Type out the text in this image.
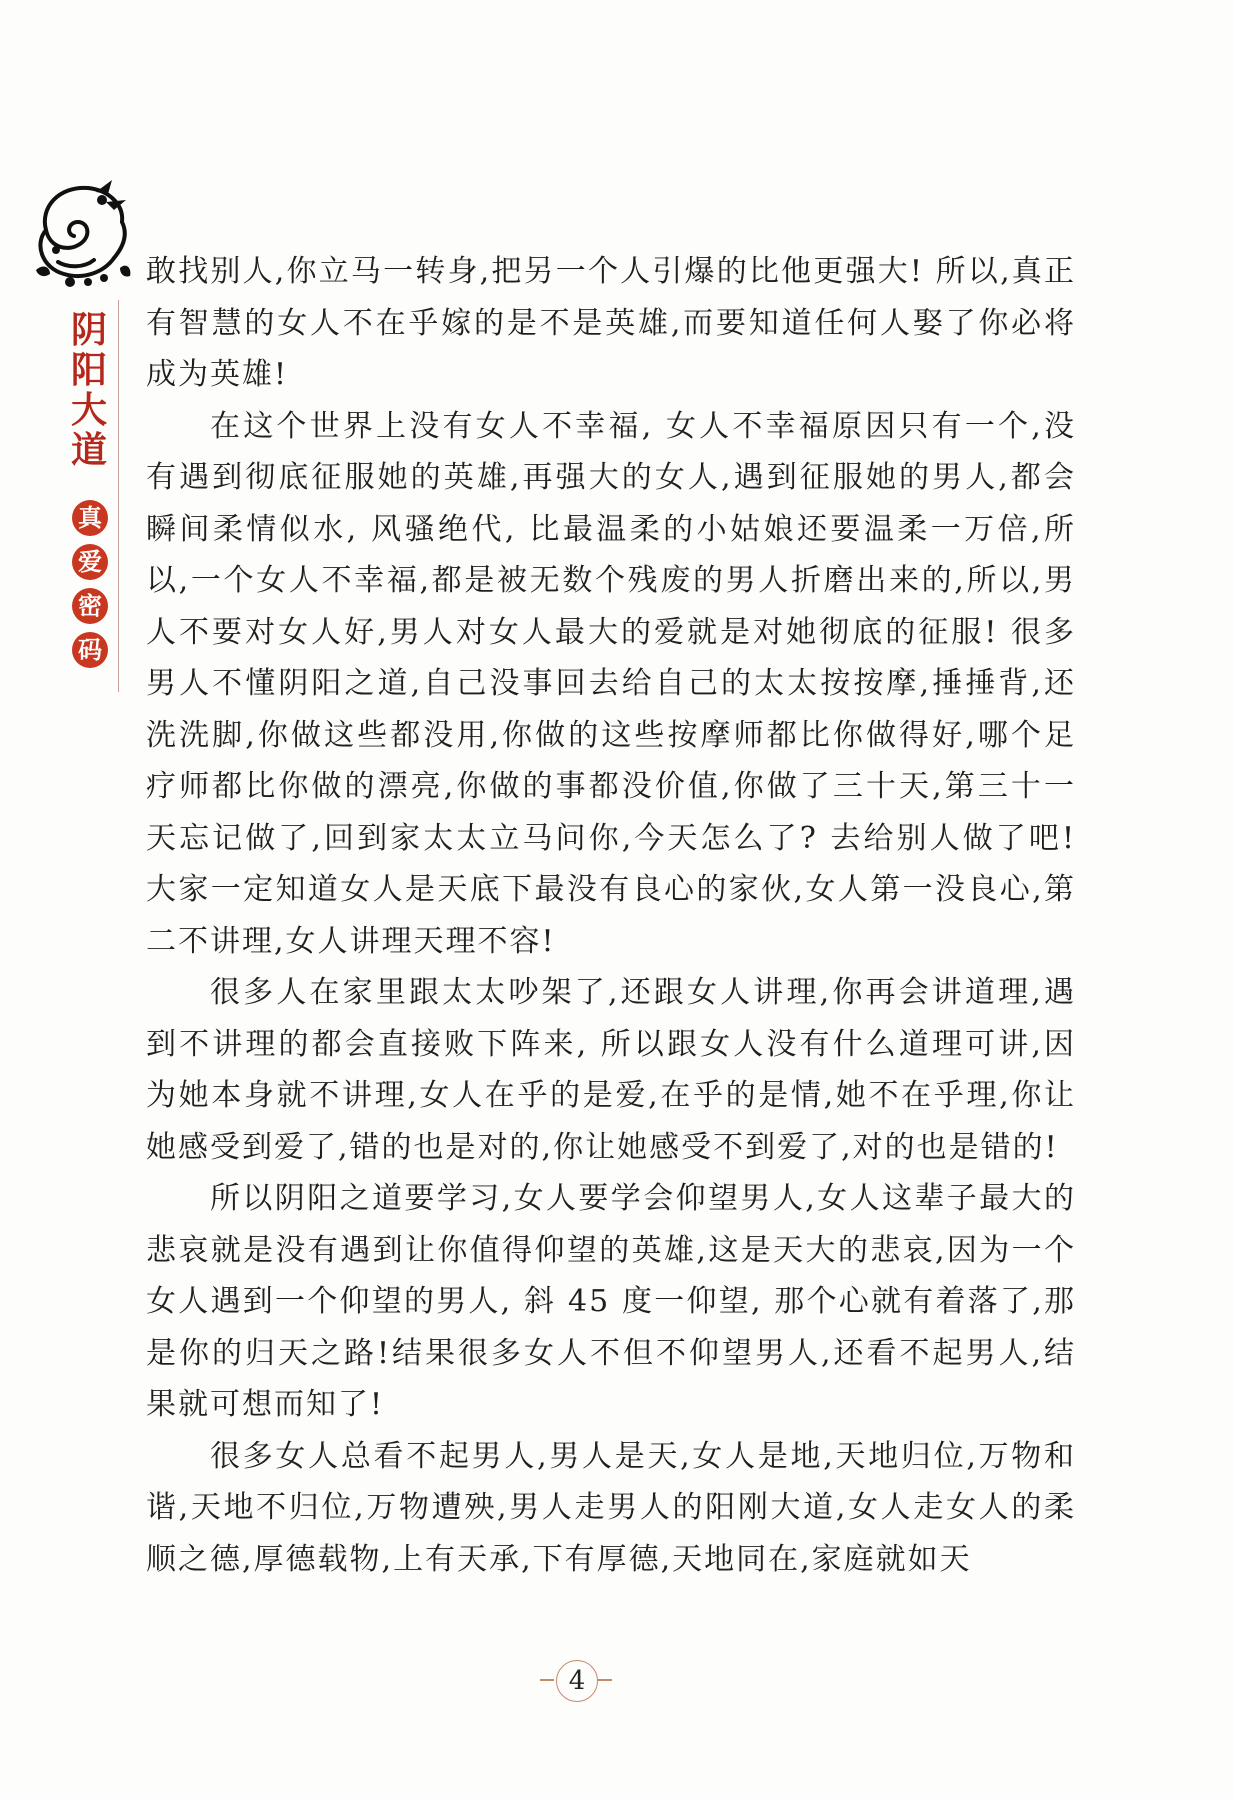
阴
阳
大
道
真
爱
密
码

敢找别人,你立马一转身,把另一个人引爆的比他更强大! 所以,真正有智慧的女人不在乎嫁的是不是英雄,而要知道任何人娶了你必将成为英雄!

在这个世界上没有女人不幸福, 女人不幸福原因只有一个,没有遇到彻底征服她的英雄,再强大的女人,遇到征服她的男人,都会瞬间柔情似水, 风骚绝代, 比最温柔的小姑娘还要温柔一万倍,所以,一个女人不幸福,都是被无数个残废的男人折磨出来的,所以,男人不要对女人好,男人对女人最大的爱就是对她彻底的征服! 很多男人不懂阴阳之道,自己没事回去给自己的太太按按摩,捶捶背,还洗洗脚,你做这些都没用,你做的这些按摩师都比你做得好,哪个足疗师都比你做的漂亮,你做的事都没价值,你做了三十天,第三十一天忘记做了,回到家太太立马问你,今天怎么了? 去给别人做了吧! 大家一定知道女人是天底下最没有良心的家伙,女人第一没良心,第二不讲理,女人讲理天理不容!

很多人在家里跟太太吵架了,还跟女人讲理,你再会讲道理,遇到不讲理的都会直接败下阵来, 所以跟女人没有什么道理可讲,因为她本身就不讲理,女人在乎的是爱,在乎的是情,她不在乎理,你让她感受到爱了,错的也是对的,你让她感受不到爱了,对的也是错的!

所以阴阳之道要学习,女人要学会仰望男人,女人这辈子最大的悲哀就是没有遇到让你值得仰望的英雄,这是天大的悲哀,因为一个女人遇到一个仰望的男人, 斜 45 度一仰望, 那个心就有着落了,那是你的归天之路!结果很多女人不但不仰望男人,还看不起男人,结果就可想而知了!

很多女人总看不起男人,男人是天,女人是地,天地归位,万物和谐,天地不归位,万物遭殃,男人走男人的阳刚大道,女人走女人的柔顺之德,厚德载物,上有天承,下有厚德,天地同在,家庭就如天

4
